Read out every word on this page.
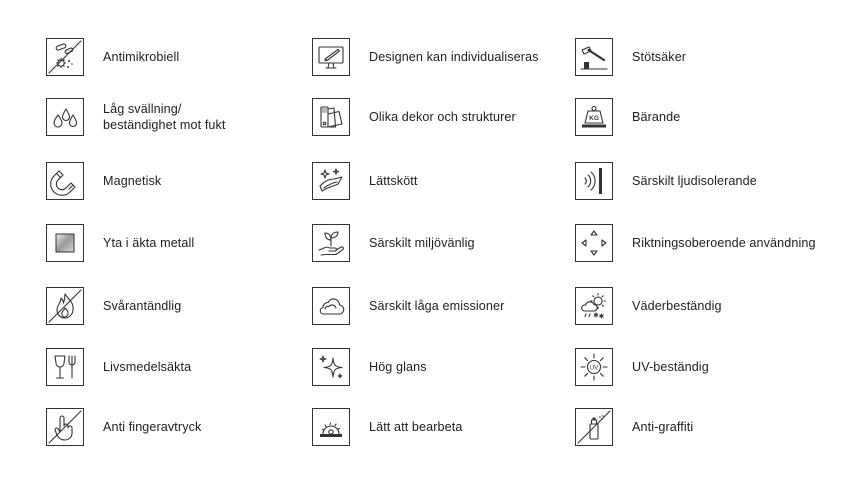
Antimikrobiell
Låg svällning/
beständighet mot fukt
Magnetisk
Yta i äkta metall
Svårantändlig
Livsmedelsäkta
Anti fingeravtryck
Designen kan individualiseras
Olika dekor och strukturer
Lättskött
Särskilt miljövänlig
Särskilt låga emissioner
Hög glans
Lätt att bearbeta
Stötsäker
KG	Bärande
Särskilt ljudisolerande
Riktningsoberoende användning
Väderbeständig
UV	UV-beständig
Anti-graffiti
